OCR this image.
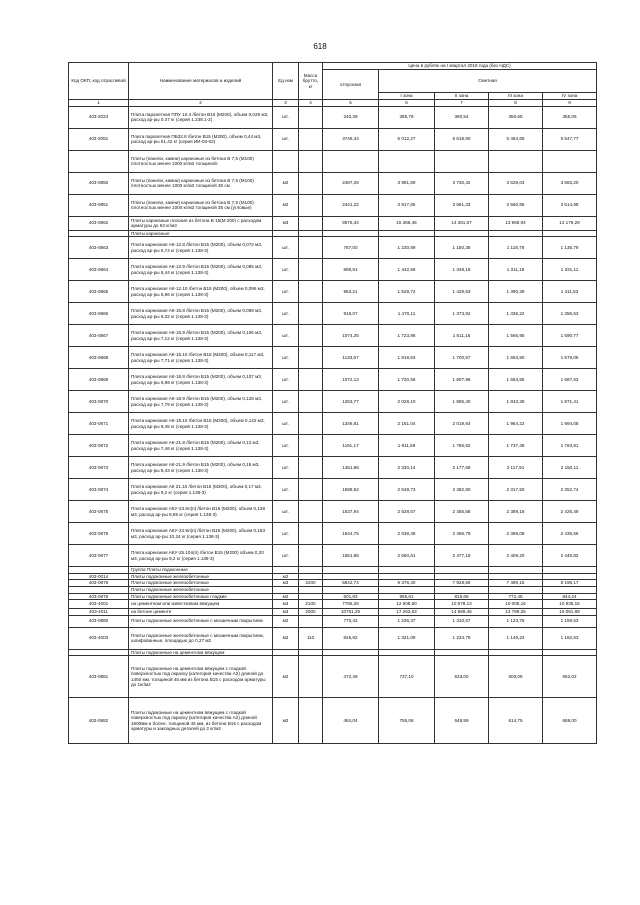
618
Код ОКП, код отраслевой	Наименование материалов и изделий	Ед изм	Масса брутто, кг	Цена в рублях на I квартал 2016 года (без НДС)				
				отпускная	Сметная			
					I зона	II зона	III зона	IV зона
1	2	3	4	5	6	7	8	9
403-2024	Плита парапетная ППУ 10.4 /бетон В15 (М200), объем 0,029 м3, расход ар-ры 0.47 кг (серия 1.238.1-2)	шт.		240,39	385,78	360,54	350,65	355,06
403-2081	Плита парапетная ПБ32.8 /бетон В15 (М200), объем 0,44 м3, расход ар-ры 51,42 кг (серия ИИ-03-02)	шт.		3746,44	6 012,27	5 618,90	5 464,69	5 547,77
	Плиты (панели, камни) карнизные из бетона В 7,5 (М100) плотностью менее 1000 кг/м3 толщиной:							
403-0850	Плиты (панели, камни) карнизные из бетона В 7,5 (М100) плотностью менее 1000 кг/м3 толщиной 35 см	м2		2487,28	3 991,59	3 730,42	3 628,04	3 683,20
403-0851	Плиты (панели, камни) карнизные из бетона В 7,5 (М100) плотностью менее 1000 кг/м3 толщиной 35 см (угловые)	м2		2441,22	3 917,65	3 661,33	3 560,85	3 614,98
403-0862	Плиты карнизные плоские из бетона В 15(М 200) с расходом арматуры до 63 кг/м3	м3		9575,34	15 366,46	14 361,07	13 966,94	14 179,29
	Плиты карнизные:							
403-0863	Плита карнизная АК-12.8 /бетон В15 (М200), объем 0,072 м3, расход ар-ры 5,74 кг (серия 1.138-3)	шт.		767,00	1 230,89	1 150,35	1 118,78	1 135,79
403-0864	Плита карнизная АК-12.9 /бетон В15 (М200), объем 0,085 м3, расход ар-ры 6,44 кг (серия 1.138-3)	шт.		898,91	1 442,56	1 348,18	1 311,18	1 331,11
403-0865	Плита карнизная АК-12.10 /бетон В15 (М200), объем 0,096 м3, расход ар-ры 6,96 кг (серия 1.138-3)	шт.		953,21	1 529,72	1 429,63	1 390,39	1 411,53
403-0866	Плита карнизная АК-15.8 /бетон В15 (М200), объем 0,089 м3, расход ар-ры 6,32 кг (серия 1.138-3)	шт.		916,07	1 470,11	1 373,92	1 336,22	1 356,53
403-0867	Плита карнизная АК-15.9 /бетон В15 (М200), объем 0,106 м3, расход ар-ры 7,12 кг (серия 1.138-3)	шт.		1074,25	1 723,96	1 611,16	1 566,95	1 590,77
403-0868	Плита карнизная АК-15.10 /бетон В15 (М200), объем 0,117 м3, расход ар-ры 7,71 кг (серия 1.138-3)	шт.		1133,67	1 819,63	1 700,57	1 653,90	1 679,05
403-0869	Плита карнизная АК-18.8 /бетон В15 (М200), объем 0,107 м3, расход ар-ры 6,89 кг (серия 1.138-3)	шт.		1072,13	1 720,56	1 607,98	1 563,85	1 587,63
403-0870	Плита карнизная АК-18.9 /бетон В15 (М200), объем 0,128 м3, расход ар-ры 7,79 кг (серия 1.138-3)	шт.		1263,77	2 028,10	1 895,40	1 843,39	1 871,41
403-0871	Плита карнизная АК-18.10 /бетон В15 (М200), объем 0,142 м3, расход ар-ры 8,45 кг (серия 1.138-3)	шт.		1346,81	2 161,04	2 019,64	1 964,22	1 994,08
403-0872	Плита карнизная АК-21.8 /бетон В15 (М200), объем 0,12 м3, расход ар-ры 7,46 кг (серия 1.138-3)	шт.		1191,17	1 911,59	1 786,52	1 737,49	1 763,91
403-0873	Плита карнизная АК-21.9 /бетон В15 (М200), объем 0,15 м3, расход ар-ры 8,43 кг (серия 1.138-3)	шт.		1451,98	2 330,14	2 177,68	2 117,91	2 150,11
403-0874	Плита карнизная АК 21.10 /бетон В15 (М200), объем 0,17 м3, расход ар-ры 9,2 кг (серия 1.138-3)	шт.		1588,62	2 549,73	2 382,90	2 317,50	2 352,74
403-0875	Плита карнизная АКУ-23.8л(п) /бетон В15 (М200), объем 0,138 м3, расход ар-ры 8,85 кг (серия 1.138-3)	шт.		1637,94	2 628,57	2 456,58	2 389,18	2 425,49
403-0876	Плита карнизная АКУ-24.9л(п) /бетон В15 (М200), объем 0,183 м3, расход ар-ры 10,24 кг (серия 1.138-3)	шт.		1644,75	2 639,49	2 466,79	2 399,08	2 435,56
403-0877	Плита карнизная АКУ-25.10л(п) /бетон В15 (М200) объем 0,20 м3, расход ар-ры 9,2 кг (серия 1.138-3)	шт.		1651,88	2 650,61	2 477,18	2 409,20	2 445,82
	Группа Плиты подоконные							
403-0014	Плиты подоконные железобетонные	м2						
403-0878	Плиты подоконные железобетонные	м3	2200	5842,74	9 376,40	7 928,59	7 489,15	8 196,17
	Плиты подоконные железобетонные							
403-0879	Плиты подоконные железобетонные гладкие	м2		601,83	965,81	816,68	772,45	844,24
403-4001	на цементном или известковом вяжущем	м3	2100	7795,26	12 508,60	10 578,13	10 005,16	10 935,16
403-4011	на бетоне цементе	м3	2000	10761,25	17 263,63	14 589,46	13 799,25	15 081,89
403-0880	Плиты подоконные железобетонные с мозаичным покрытием	м2		770,42	1 236,37	1 310,57	1 123,78	1 159,53
403-4003	Плиты подоконные железобетонные с мозаичным покрытием, шлифованные, площадью до 0,27 м2	м2	110	826,82	1 321,09	1 234,78	1 146,24	1 182,63
	Плиты подоконные на цементном вяжущем							
403-0881	Плиты подоконные на цементном вяжущем с гладкой поверхностью под окраску (категория качества А2) длиной до 1450 мм, толщиной 45 мм из бетона В15 с расходом арматуры до 1кг/м2	м2		472,49	737,10	633,00	600,08	652,02
403-0882	Плиты подоконные на цементном вяжущем с гладкой поверхностью под окраску (категория качества А2) длиной 1600мм и более, толщиной 45 мм, из бетона В15 с расходом арматуры и закладных деталей до 2 кг/м2	м2		484,04	755,06	648,59	614,75	668,00
